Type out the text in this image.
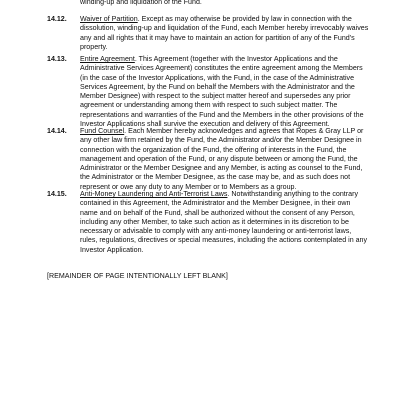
winding-up and liquidation of the Fund.
14.12. Waiver of Partition. Except as may otherwise be provided by law in connection with the dissolution, winding-up and liquidation of the Fund, each Member hereby irrevocably waives any and all rights that it may have to maintain an action for partition of any of the Fund's property.
14.13. Entire Agreement. This Agreement (together with the Investor Applications and the Administrative Services Agreement) constitutes the entire agreement among the Members (in the case of the Investor Applications, with the Fund, in the case of the Administrative Services Agreement, by the Fund on behalf the Members with the Administrator and the Member Designee) with respect to the subject matter hereof and supersedes any prior agreement or understanding among them with respect to such subject matter. The representations and warranties of the Fund and the Members in the other provisions of the Investor Applications shall survive the execution and delivery of this Agreement.
14.14. Fund Counsel. Each Member hereby acknowledges and agrees that Ropes & Gray LLP or any other law firm retained by the Fund, the Administrator and/or the Member Designee in connection with the organization of the Fund, the offering of interests in the Fund, the management and operation of the Fund, or any dispute between or among the Fund, the Administrator or the Member Designee and any Member, is acting as counsel to the Fund, the Administrator or the Member Designee, as the case may be, and as such does not represent or owe any duty to any Member or to Members as a group.
14.15. Anti-Money Laundering and Anti-Terrorist Laws. Notwithstanding anything to the contrary contained in this Agreement, the Administrator and the Member Designee, in their own name and on behalf of the Fund, shall be authorized without the consent of any Person, including any other Member, to take such action as it determines in its discretion to be necessary or advisable to comply with any anti-money laundering or anti-terrorist laws, rules, regulations, directives or special measures, including the actions contemplated in any Investor Application.
[REMAINDER OF PAGE INTENTIONALLY LEFT BLANK]
